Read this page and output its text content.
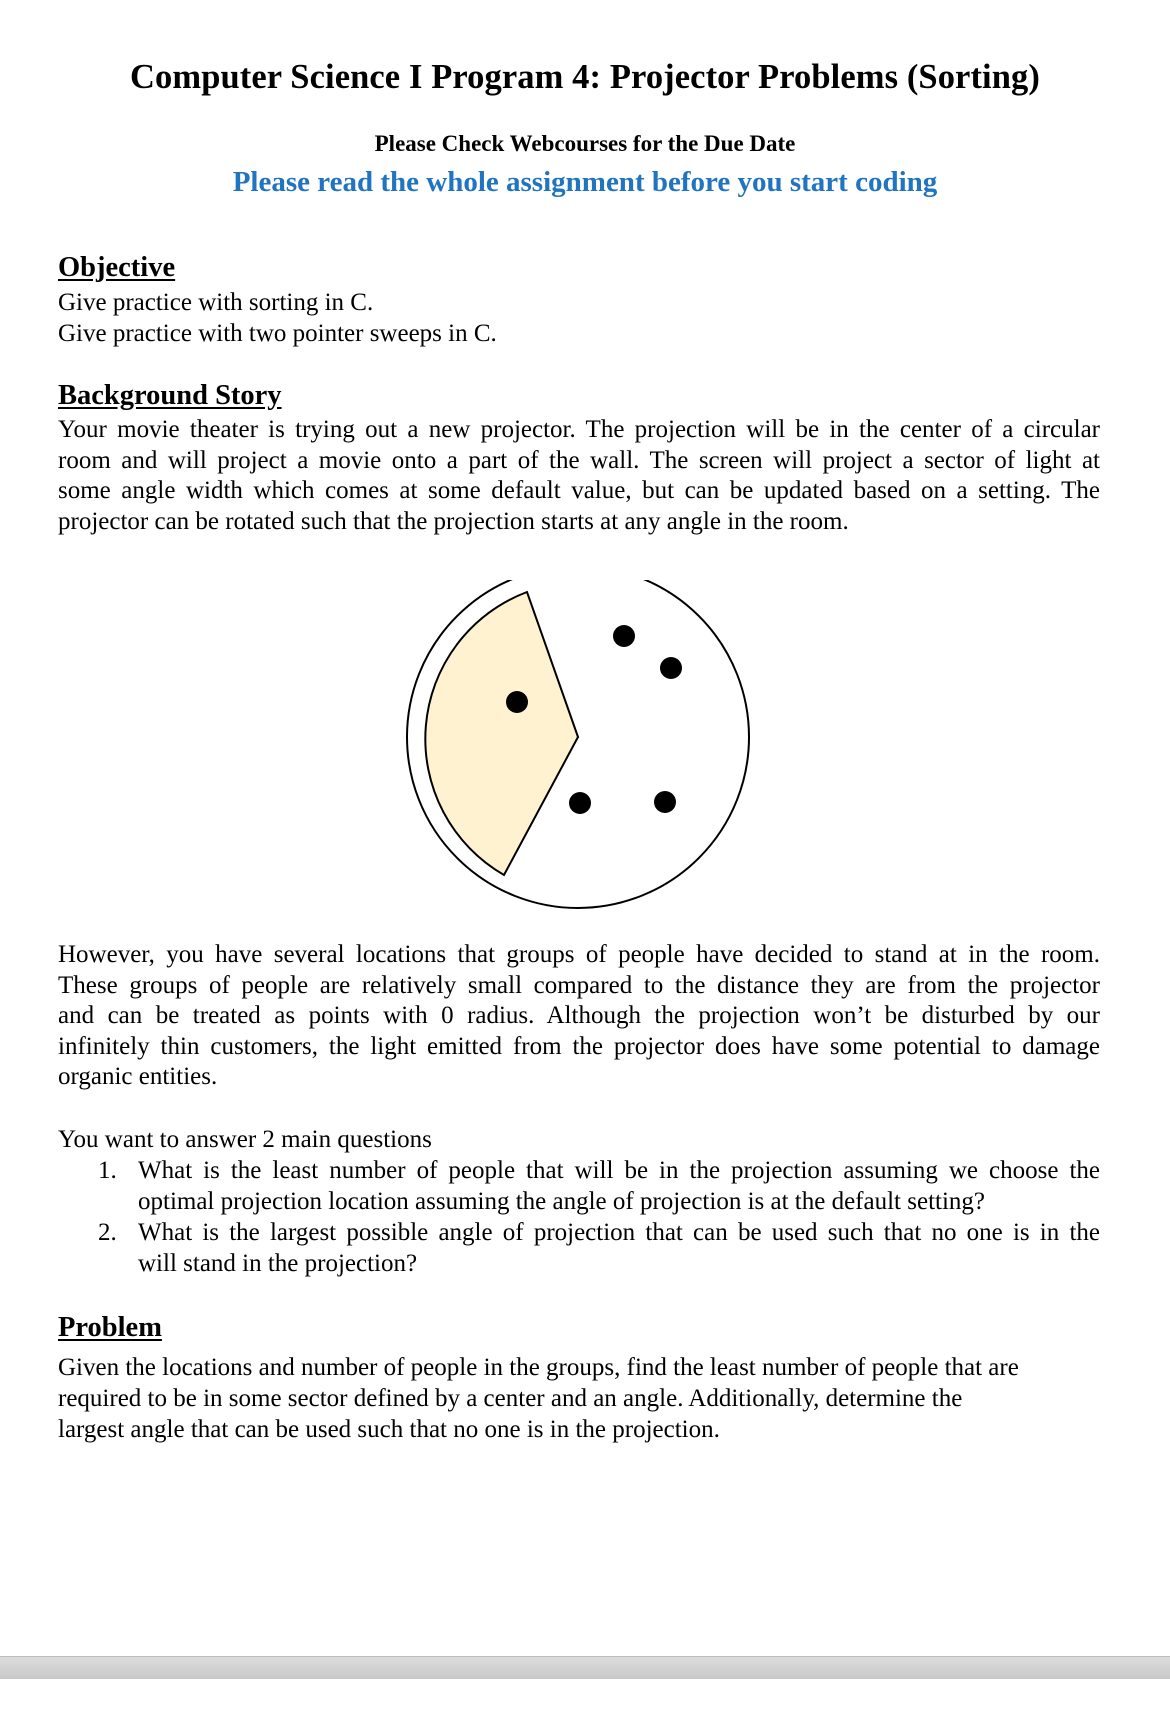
Computer Science I Program 4: Projector Problems (Sorting)
Please Check Webcourses for the Due Date
Please read the whole assignment before you start coding
Objective
Give practice with sorting in C.
Give practice with two pointer sweeps in C.
Background Story
Your movie theater is trying out a new projector. The projection will be in the center of a circular
room and will project a movie onto a part of the wall. The screen will project a sector of light at
some angle width which comes at some default value, but can be updated based on a setting. The
projector can be rotated such that the projection starts at any angle in the room.
However, you have several locations that groups of people have decided to stand at in the room.
These groups of people are relatively small compared to the distance they are from the projector
and can be treated as points with 0 radius. Although the projection won’t be disturbed by our
infinitely thin customers, the light emitted from the projector does have some potential to damage
organic entities.
You want to answer 2 main questions
1. What is the least number of people that will be in the projection assuming we choose the
optimal projection location assuming the angle of projection is at the default setting?
2. What is the largest possible angle of projection that can be used such that no one is in the
will stand in the projection?
Problem
Given the locations and number of people in the groups, find the least number of people that are
required to be in some sector defined by a center and an angle. Additionally, determine the
largest angle that can be used such that no one is in the projection.
